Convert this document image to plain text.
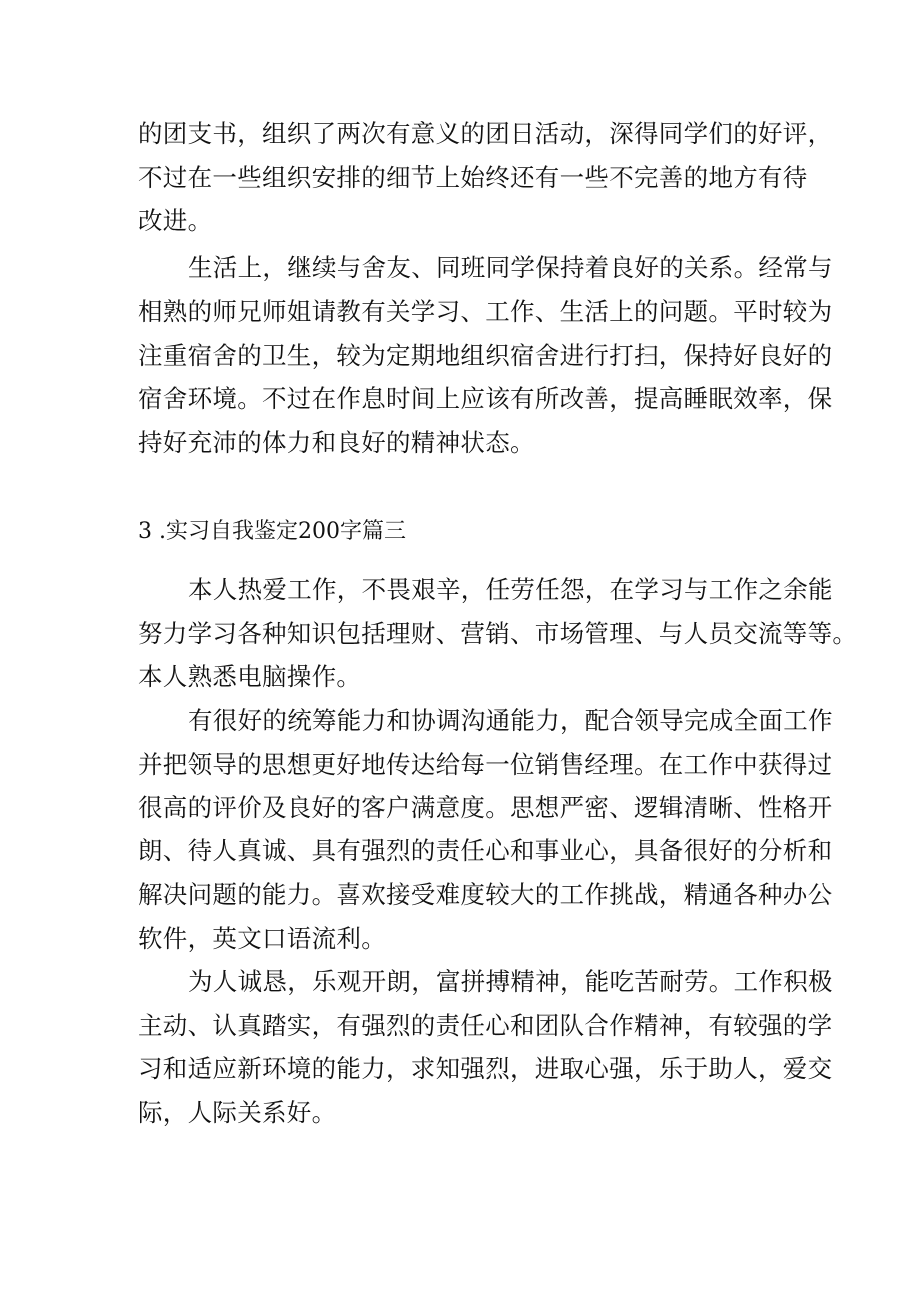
的团支书，组织了两次有意义的团日活动，深得同学们的好评，
不过在一些组织安排的细节上始终还有一些不完善的地方有待
改进。
生活上，继续与舍友、同班同学保持着良好的关系。经常与
相熟的师兄师姐请教有关学习、工作、生活上的问题。平时较为
注重宿舍的卫生，较为定期地组织宿舍进行打扫，保持好良好的
宿舍环境。不过在作息时间上应该有所改善，提高睡眠效率，保
持好充沛的体力和良好的精神状态。
3 .实习自我鉴定200字篇三
本人热爱工作，不畏艰辛，任劳任怨，在学习与工作之余能
努力学习各种知识包括理财、营销、市场管理、与人员交流等等。
本人熟悉电脑操作。
有很好的统筹能力和协调沟通能力，配合领导完成全面工作
并把领导的思想更好地传达给每一位销售经理。在工作中获得过
很高的评价及良好的客户满意度。思想严密、逻辑清晰、性格开
朗、待人真诚、具有强烈的责任心和事业心，具备很好的分析和
解决问题的能力。喜欢接受难度较大的工作挑战，精通各种办公
软件，英文口语流利。
为人诚恳，乐观开朗，富拼搏精神，能吃苦耐劳。工作积极
主动、认真踏实，有强烈的责任心和团队合作精神，有较强的学
习和适应新环境的能力，求知强烈，进取心强，乐于助人，爱交
际，人际关系好。
